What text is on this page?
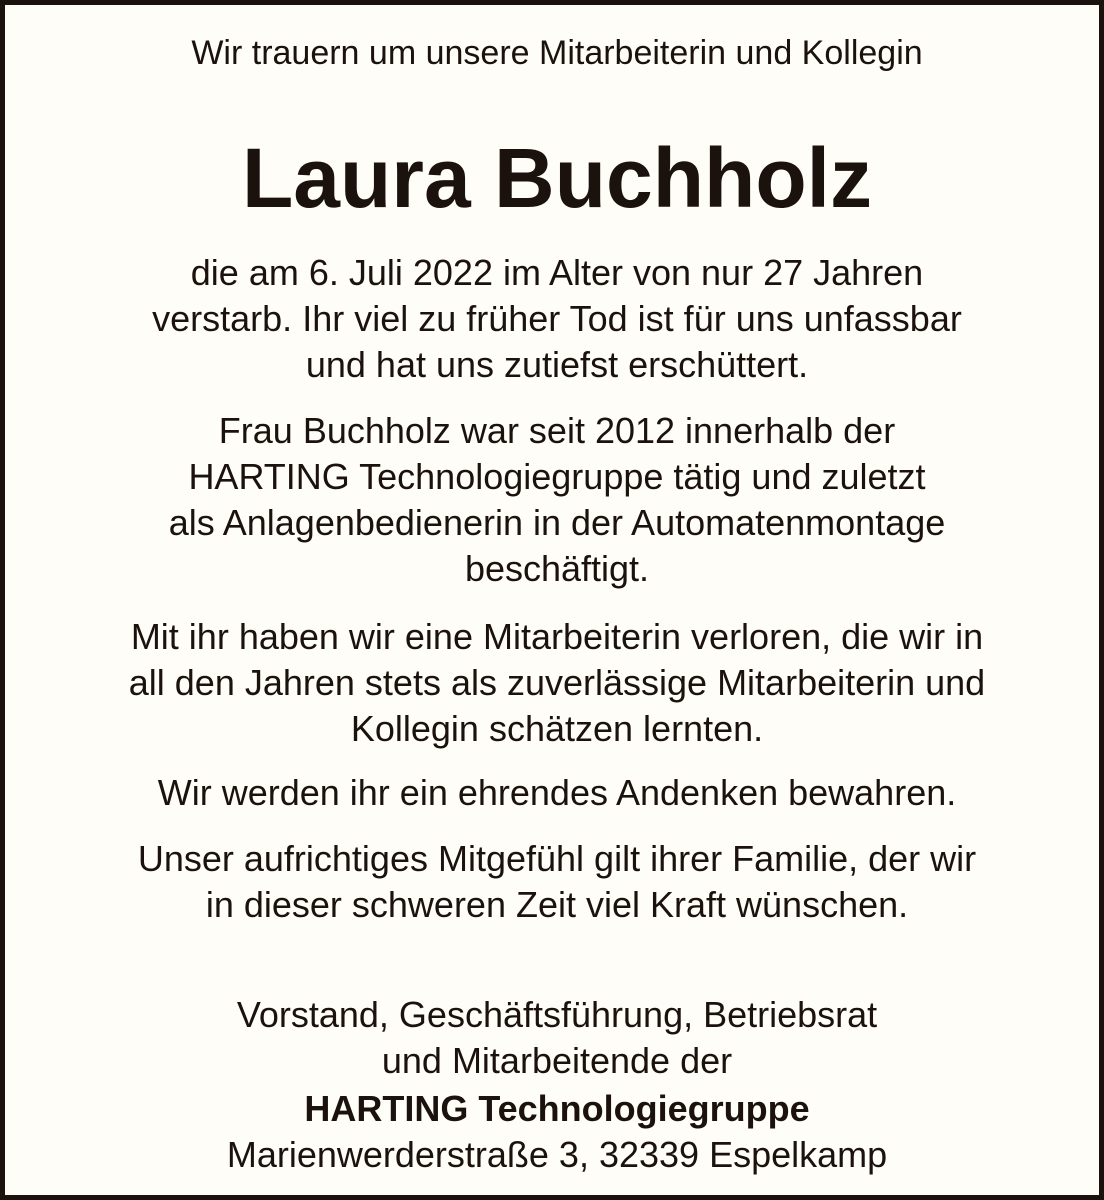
Wir trauern um unsere Mitarbeiterin und Kollegin
Laura Buchholz
die am 6. Juli 2022 im Alter von nur 27 Jahren
verstarb. Ihr viel zu früher Tod ist für uns unfassbar
und hat uns zutiefst erschüttert.
Frau Buchholz war seit 2012 innerhalb der
HARTING Technologiegruppe tätig und zuletzt
als Anlagenbedienerin in der Automatenmontage
beschäftigt.
Mit ihr haben wir eine Mitarbeiterin verloren, die wir in
all den Jahren stets als zuverlässige Mitarbeiterin und
Kollegin schätzen lernten.
Wir werden ihr ein ehrendes Andenken bewahren.
Unser aufrichtiges Mitgefühl gilt ihrer Familie, der wir
in dieser schweren Zeit viel Kraft wünschen.
Vorstand, Geschäftsführung, Betriebsrat
und Mitarbeitende der
HARTING Technologiegruppe
Marienwerderstraße 3, 32339 Espelkamp
